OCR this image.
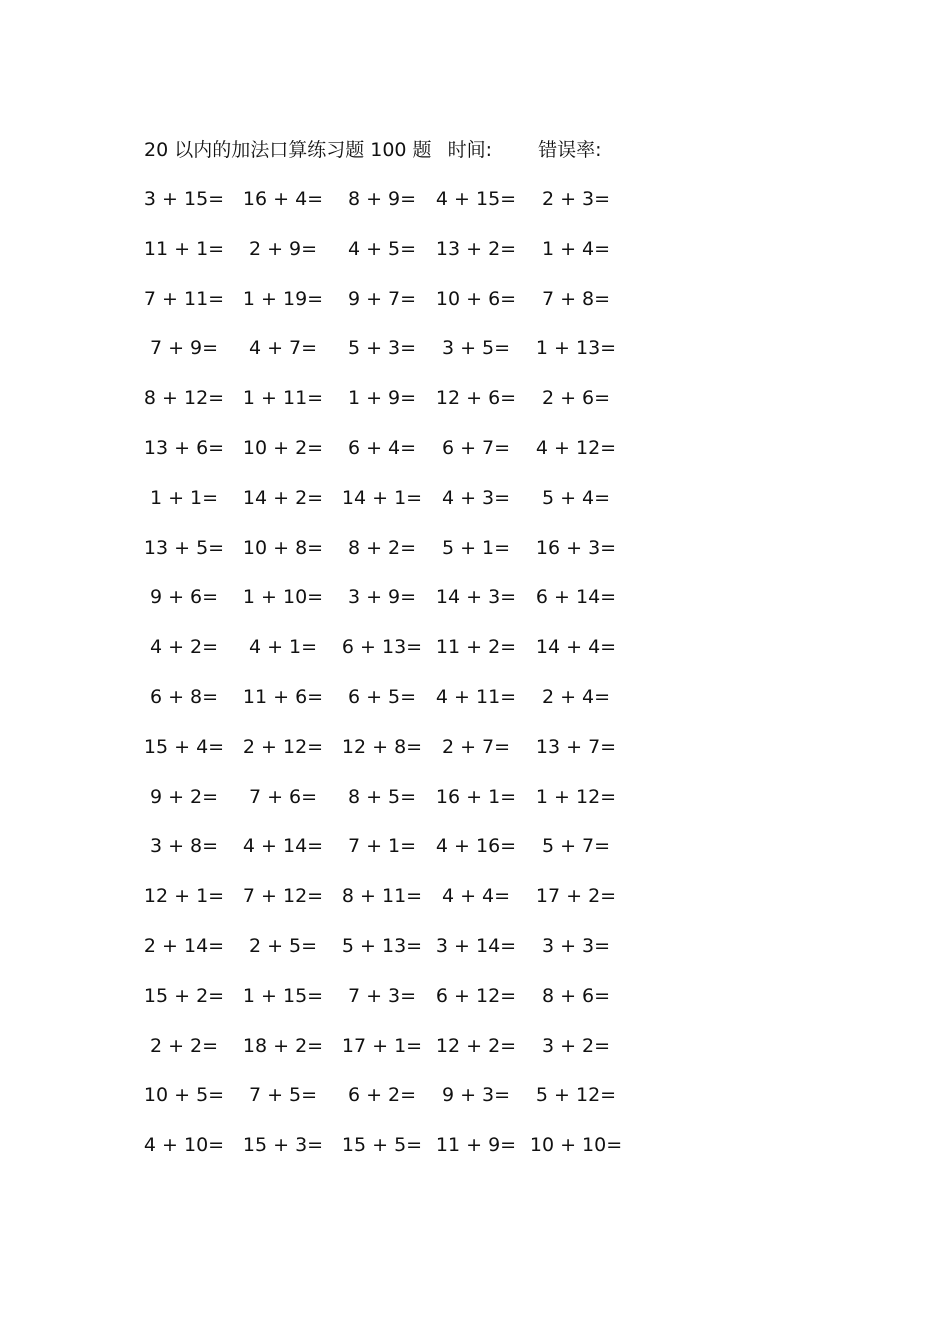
20 以内的加法口算练习题 100 题 时间: 错误率:
3 + 15= 16 + 4= 8 + 9= 4 + 15= 2 + 3=
11 + 1= 2 + 9= 4 + 5= 13 + 2= 1 + 4=
7 + 11= 1 + 19= 9 + 7= 10 + 6= 7 + 8=
7 + 9= 4 + 7= 5 + 3= 3 + 5= 1 + 13=
8 + 12= 1 + 11= 1 + 9= 12 + 6= 2 + 6=
13 + 6= 10 + 2= 6 + 4= 6 + 7= 4 + 12=
1 + 1= 14 + 2= 14 + 1= 4 + 3= 5 + 4=
13 + 5= 10 + 8= 8 + 2= 5 + 1= 16 + 3=
9 + 6= 1 + 10= 3 + 9= 14 + 3= 6 + 14=
4 + 2= 4 + 1= 6 + 13= 11 + 2= 14 + 4=
6 + 8= 11 + 6= 6 + 5= 4 + 11= 2 + 4=
15 + 4= 2 + 12= 12 + 8= 2 + 7= 13 + 7=
9 + 2= 7 + 6= 8 + 5= 16 + 1= 1 + 12=
3 + 8= 4 + 14= 7 + 1= 4 + 16= 5 + 7=
12 + 1= 7 + 12= 8 + 11= 4 + 4= 17 + 2=
2 + 14= 2 + 5= 5 + 13= 3 + 14= 3 + 3=
15 + 2= 1 + 15= 7 + 3= 6 + 12= 8 + 6=
2 + 2= 18 + 2= 17 + 1= 12 + 2= 3 + 2=
10 + 5= 7 + 5= 6 + 2= 9 + 3= 5 + 12=
4 + 10= 15 + 3= 15 + 5= 11 + 9= 10 + 10=
